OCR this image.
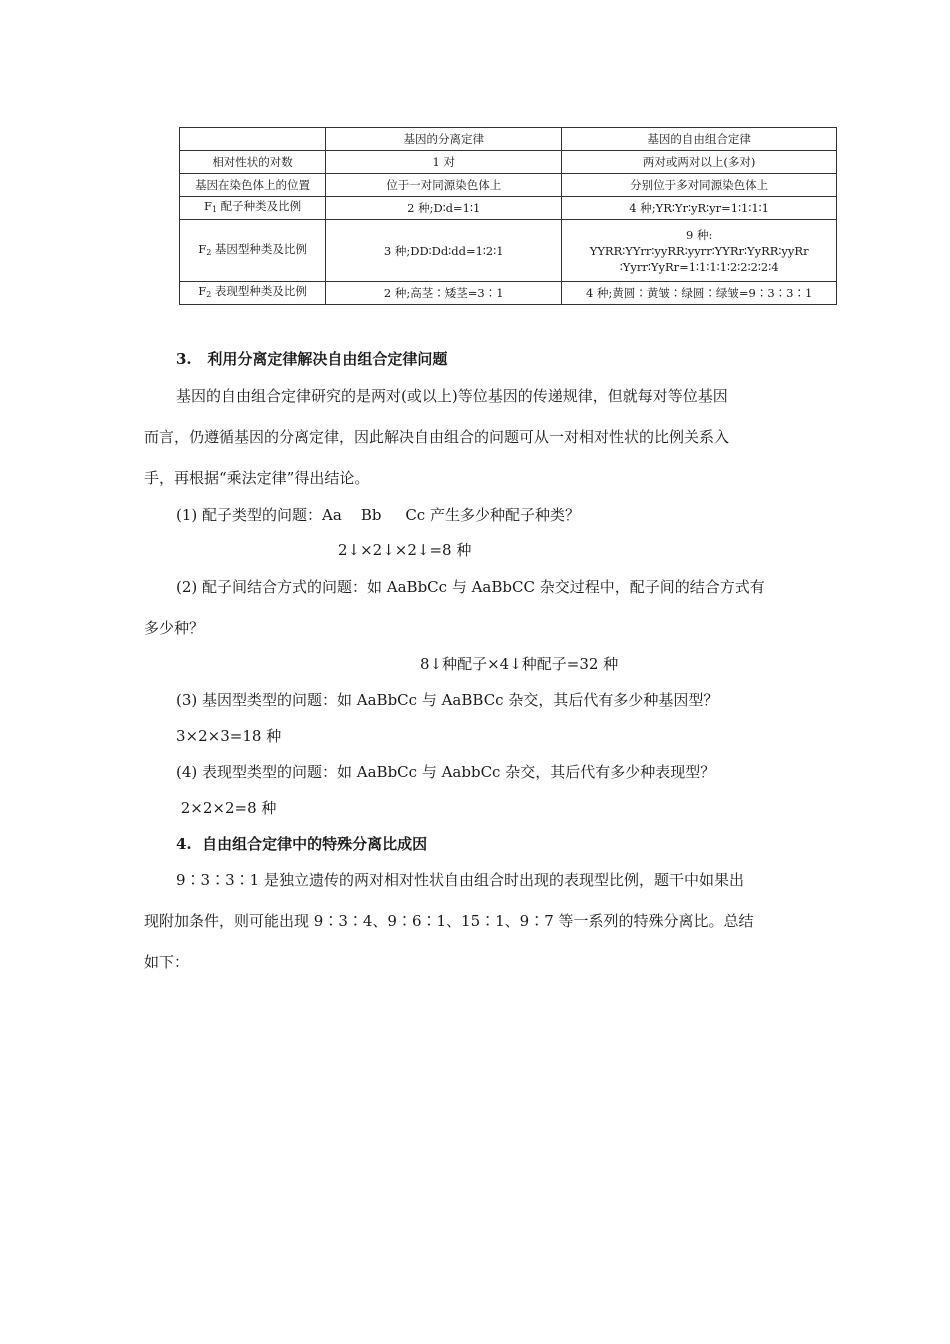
	基因的分离定律	基因的自由组合定律
相对性状的对数	1 对	两对或两对以上(多对)
基因在染色体上的位置	位于一对同源染色体上	分别位于多对同源染色体上
$F_1$ 配子种类及比例	2 种;D∶d=1∶1	4 种;YR∶Yr∶yR∶yr=1∶1∶1∶1
$F_2$ 基因型种类及比例	3 种;DD∶Dd∶dd=1∶2∶1	9 种:
YYRR∶YYrr∶yyRR∶yyrr∶YYRr∶YyRR∶yyRr
∶Yyrr∶YyRr=1∶1∶1∶1∶2∶2∶2∶2∶4

$F_2$ 表现型种类及比例	2 种;高茎∶矮茎=3∶1	4 种;黄圆∶黄皱∶绿圆∶绿皱=9∶3∶3∶1
3.   利用分离定律解决自由组合定律问题
基因的自由组合定律研究的是两对(或以上)等位基因的传递规律，但就每对等位基因
而言，仍遵循基因的分离定律，因此解决自由组合的问题可从一对相对性状的比例关系入
手，再根据“乘法定律”得出结论。
(1) 配子类型的问题：Aa    Bb     Cc 产生多少种配子种类？
2↓×2↓×2↓=8 种
(2) 配子间结合方式的问题：如 AaBbCc 与 AaBbCC 杂交过程中，配子间的结合方式有
多少种？
8↓种配子×4↓种配子=32 种
(3) 基因型类型的问题：如 AaBbCc 与 AaBBCc 杂交，其后代有多少种基因型？
3×2×3=18 种
(4) 表现型类型的问题：如 AaBbCc 与 AabbCc 杂交，其后代有多少种表现型？
2×2×2=8 种
4.  自由组合定律中的特殊分离比成因
9∶3∶3∶1 是独立遗传的两对相对性状自由组合时出现的表现型比例，题干中如果出
现附加条件，则可能出现 9∶3∶4、9∶6∶1、15∶1、9∶7 等一系列的特殊分离比。总结
如下：
